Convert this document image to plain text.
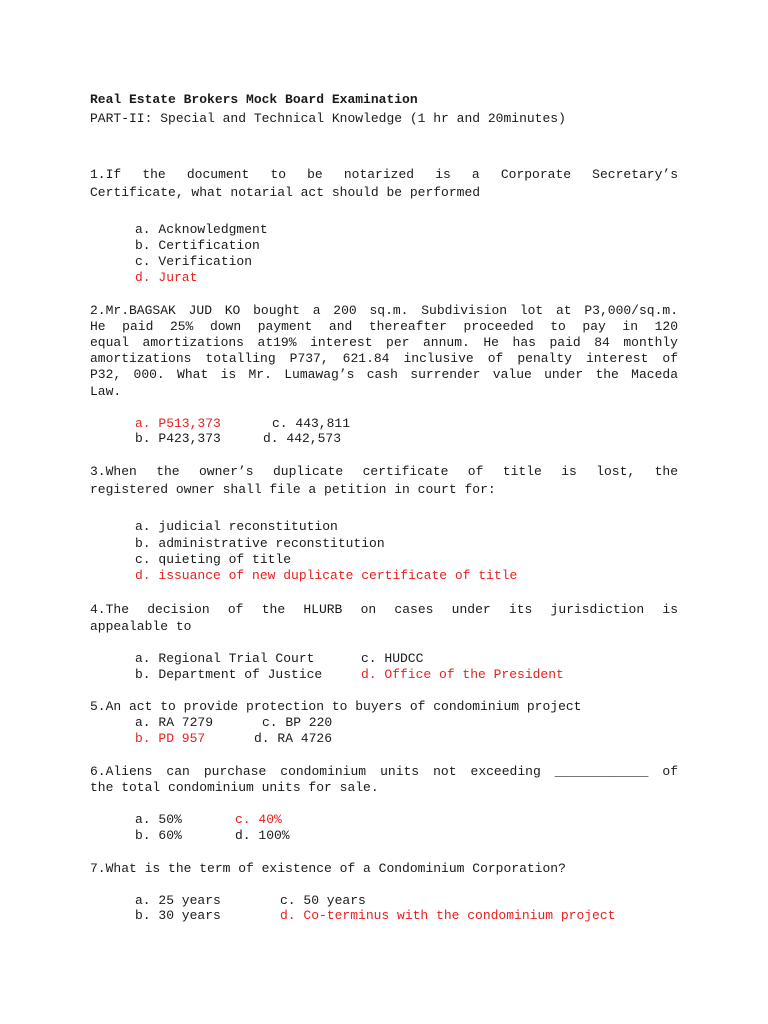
Real Estate Brokers Mock Board Examination
PART-II: Special and Technical Knowledge (1 hr and 20minutes)
1.If the document to be notarized is a Corporate Secretary’s
Certificate, what notarial act should be performed
a. Acknowledgment
b. Certification
c. Verification
d. Jurat
2.Mr.BAGSAK JUD KO bought a 200 sq.m. Subdivision lot at P3,000/sq.m.
He paid 25% down payment and thereafter proceeded to pay in 120
equal amortizations at19% interest per annum. He has paid 84 monthly
amortizations totalling P737, 621.84 inclusive of penalty interest of
P32, 000. What is Mr. Lumawag’s cash surrender value under the Maceda
Law.
a. P513,373	c. 443,811
b. P423,373	d. 442,573
3.When the owner’s duplicate certificate of title is lost, the
registered owner shall file a petition in court for:
a. judicial reconstitution
b. administrative reconstitution
c. quieting of title
d. issuance of new duplicate certificate of title
4.The decision of the HLURB on cases under its jurisdiction is
appealable to
a. Regional Trial Court	c. HUDCC
b. Department of Justice	d. Office of the President
5.An act to provide protection to buyers of condominium project
a. RA 7279	c. BP 220
b. PD 957	d. RA 4726
6.Aliens can purchase condominium units not exceeding ____________ of
the total condominium units for sale.
a. 50%	c. 40%
b. 60%	d. 100%
7.What is the term of existence of a Condominium Corporation?
a. 25 years	c. 50 years
b. 30 years	d. Co-terminus with the condominium project
